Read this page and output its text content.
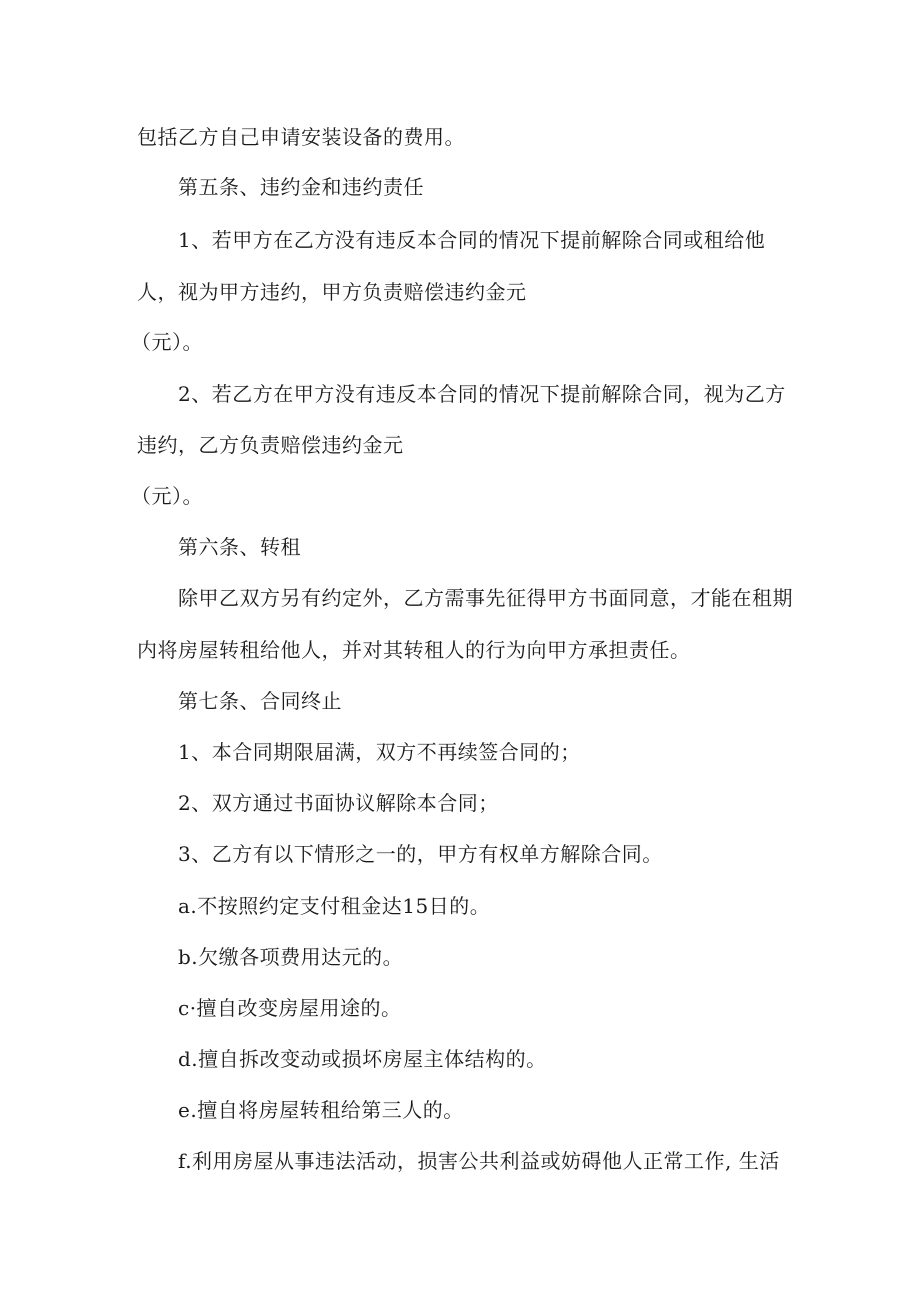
包括乙方自己申请安装设备的费用。
第五条、违约金和违约责任
1、若甲方在乙方没有违反本合同的情况下提前解除合同或租给他
人，视为甲方违约，甲方负责赔偿违约金元
（元）。
2、若乙方在甲方没有违反本合同的情况下提前解除合同，视为乙方
违约，乙方负责赔偿违约金元
（元）。
第六条、转租
除甲乙双方另有约定外，乙方需事先征得甲方书面同意，才能在租期
内将房屋转租给他人，并对其转租人的行为向甲方承担责任。
第七条、合同终止
1、本合同期限届满，双方不再续签合同的；
2、双方通过书面协议解除本合同；
3、乙方有以下情形之一的，甲方有权单方解除合同。
a.不按照约定支付租金达15日的。
b.欠缴各项费用达元的。
c·擅自改变房屋用途的。
d.擅自拆改变动或损坏房屋主体结构的。
e.擅自将房屋转租给第三人的。
f.利用房屋从事违法活动，损害公共利益或妨碍他人正常工作, 生活
